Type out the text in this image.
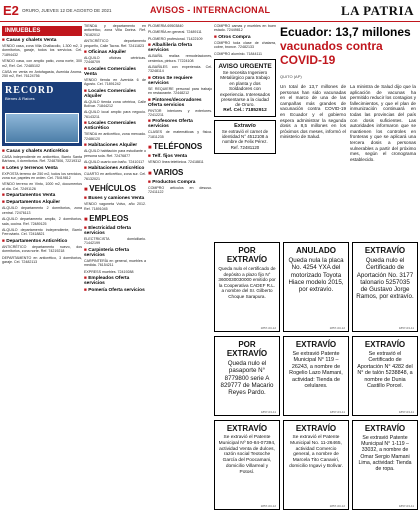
E2 ORURO, JUEVES 12 DE AGOSTO DE 2021	AVISOS - INTERNACIONAL	LA PATRIA
INMUEBLES
■ Casas y chalets Venta
VENDO casa, zona Villa Challacollo, 1.300 m2, 3 dormitorios, garaje, todos los servicios. Cel. 71894432
VENDO casa, con amplio patio, zona norte, 300 m2, Ref. Cel. 72485102
CASA en venta en Antofagasta, Avenida Aroma. 250 m2, Ref. 76124756
RECORD
Bienes & Raíces
■ Casas y chalets Anticrético
CASA independiente en anticrético, Barrio Santa Bárbara, 4 dormitorios. Ref. 72487506, 72219312
■ Lotes y terrenos Venta
EXPOSTA terreno de 250 m2, todos los servicios, zona sur, papeles en orden. Cel. 75419812
VENDO terreno en Vinto, 1000 m2, documentos al día. Cel. 72491126
■ Departamentos Venta
■ Departamentos Alquiler
ALQUILO departamento 2 dormitorios, zona central. 72476113
ALQUILO departamento amplio, 2 dormitorios, sala, cocina. Ref. 72489125
ALQUILO departamento independiente, Barrio Ferroviario. Cel. 72418821
■ Departamentos Anticrético
ANTICRÉTICO departamento nuevo, dos dormitorios, zona norte. Ref. 74219218
DEPARTAMENTO en anticrético, 3 dormitorios, garaje. Cel. 72482113
TIENDA y departamento en anticrético, zona Villa Dorina. Ref. 76182012
ANTICRÉTICO departamento pequeño, Calle Tacna. Ref. 72411823
■ Oficinas Alquiler
ALQUILO oficinas céntricas. 72448709
■ Locales Comerciales Venta
VENDO tienda en Avenida 6 de Agosto. Cel. 71891242
■ Locales Comerciales Alquiler
ALQUILO tienda zona céntrica, Calle Bolívar. 71844212
ALQUILO local amplio para negocio. 76143211
■ Locales Comerciales Anticrético
TIENDA en anticrético, zona mercado. 72486120
■ Habitaciones Alquiler
ALQUILO habitación para estudiante o persona sola. Ref. 72476877
ALQUILO cuarto con baño. 72410117
■ Habitaciones Anticrético
CUARTO en anticrético, zona sur. Cel. 76132021
■ VEHÍCULOS
■ Buses y camiones Venta
VENDO vagoneta Volvo, año 2012. Ref. 71891045
■ EMPLEOS
■ Electricidad Oferta servicios
ELECTRICISTA domiciliario. 71442199
■ Carpintería Oferta servicios
CARPINTERÍA en general, muebles a medida. 76154211
EXPRESS muebles. 72419288
■ Empleados Oferta servicios
■ Pomería Oferta servicios
PLOMERÍA 69503840
PLOMERÍA en general. 72489111
PLOMERO profesional. 71422109
■ Albañilería Oferta servicios
ALBAÑIL realiza remodelaciones, cerámica, pintura. 77224108
ALBAÑILES con experiencia. Cel. 73248114
■ Otros Se requiere servicios
SE REQUIERE personal para trabajo en restaurante. 72448212
■ Pintores/decoradores Oferta servicios
PINTOR interiores y exteriores. 72412211
■ Profesores Oferta servicios
CLASES de matemáticas y física. 71811235
■ TELÉFONOS
■ Telf. fijos Venta
VENDO línea telefónica. 72418811
■ VARIOS
■ Productos Compra
COMPRO artículos en desuso. 72411122
COMPRO camas y muebles en buen estado. 72449812
■ Otros Compra
COMPRO toda clase de chatarra, cobre, bronce. 72482133
COMPRO aluminio. 71844111
AVISO URGENTE
Se necesita Ingeniero Metalúrgico para trabajo en planta y dos Soldadores con experiencia. Interesados presentarse a la ciudad de Oruro.
Ref. Cel.: 71852912
Extravío
Se extravió el carnet de identidad N° 4512108 a nombre de Felix Pérez. Ref. 72481120
Ecuador: 13,7 millones vacunados contra COVID-19
QUITO (AP)
Un total de 13,7 millones de personas han sido vacunadas en el marco de una de las campañas más grandes de vacunación contra COVID-19 en Ecuador y el gobierno espera administrar la segunda dosis a 8,5 millones en los próximos dos meses, informó el ministerio de Salud.
La ministra de Salud dijo que la aplicación de vacunas ha permitido reducir los contagios y fallecimientos, y que el plan de inmunización continuará en todas las provincias del país con dosis suficientes. Las autoridades informaron que se mantienen los controles en fronteras y que se aplicará una tercera dosis a personas vulnerables a partir del próximo mes, según el cronograma establecido.
POR EXTRAVÍO
Queda nulo el certificado de depósito a plazo fijo N° 3600030030000 emitido por la Cooperativa CADEF R.L. a nombre del Sr. Gilberto Choque Sarapura.
1857-03-12
ANULADO
Queda nula la placa No. 4254 YXA del motorizado Toyota Hiace modelo 2015, por extravío.
1857-03-12
EXTRAVÍO
Queda nulo el Certificado de Aportación No. 3177 talonario 5257035 de Gustavo Jorge Ramos, por extravío.
1857-03-11
POR EXTRAVÍO
Queda nulo el pasaporte N° 8779800 serie A 829777 de Macario Reyes Pardo.
1857-03-11
EXTRAVÍO
Se extravió Patente Municipal N° 119 – 26243, a nombre de Rogelio Lazo Mamani, actividad: Tienda de celulares.
1857-03-11
EXTRAVÍO
Se extravió el Certificado de Aportación N° 4282 del N° de talón 5238848, a nombre de Dunia Castillo Porcel.
1857-03-11
EXTRAVÍO
Se extravió el Patente Municipal Nº 50-84-07394, actividad Venta de dulces, razón social Teotoche García del Poocamani, domicilio Villarreal y Potosí.
1857-03-12
EXTRAVÍO
Se extravió el Patente Municipal No. 11-26465, actividad Comercio general, a nombre de Marcela Tito Canaviri, domicilio Ingavi y Bolívar.
1857-03-12
EXTRAVÍO
Se extravió Patente Municipal N° 1-119 – 33032, a nombre de Omar Sergio Mamani Lima, actividad: Tienda de ropa.
1857-03-11
